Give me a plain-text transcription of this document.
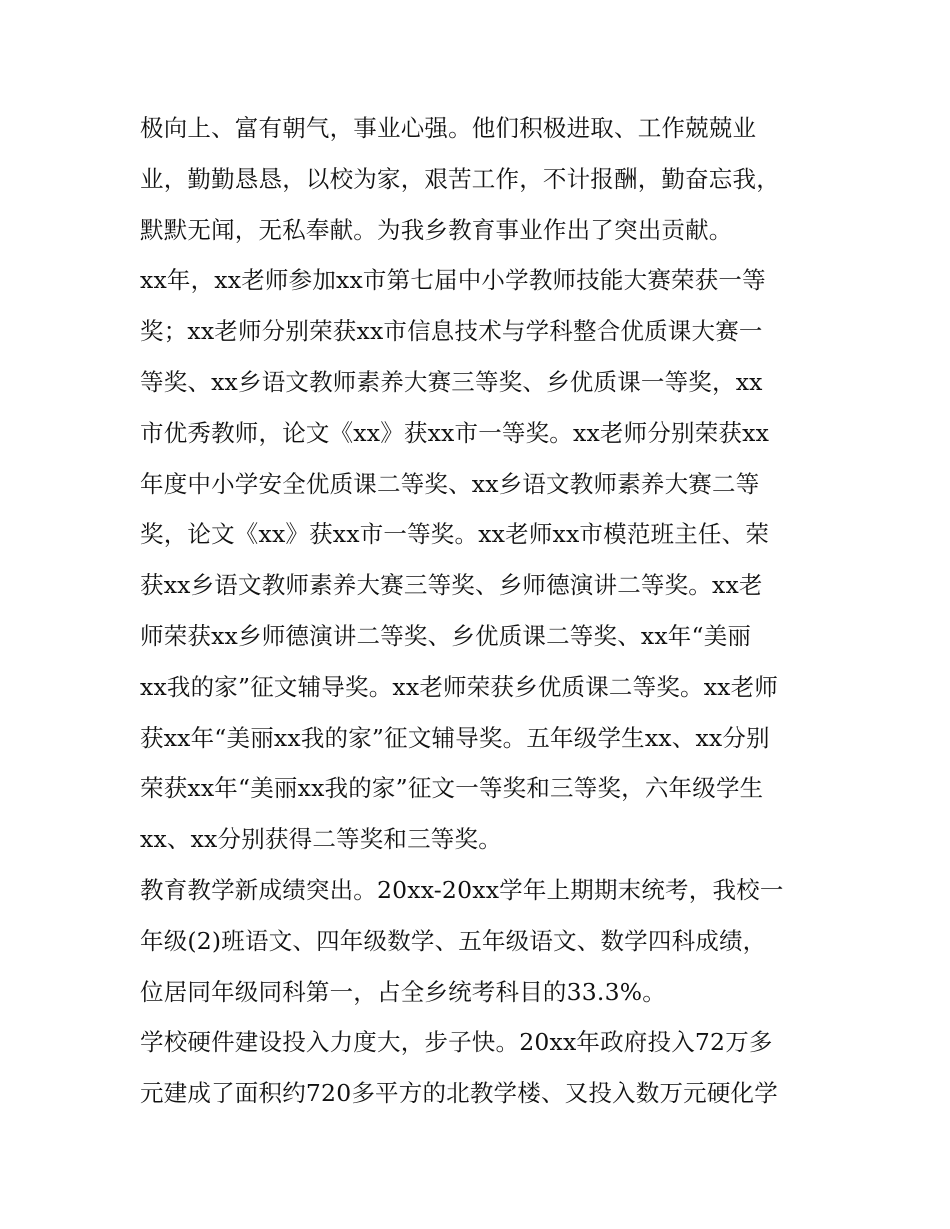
极向上、富有朝气，事业心强。他们积极进取、工作兢兢业
业，勤勤恳恳，以校为家，艰苦工作，不计报酬，勤奋忘我，
默默无闻，无私奉献。为我乡教育事业作出了突出贡献。
xx年，xx老师参加xx市第七届中小学教师技能大赛荣获一等
奖；xx老师分别荣获xx市信息技术与学科整合优质课大赛一
等奖、xx乡语文教师素养大赛三等奖、乡优质课一等奖，xx
市优秀教师，论文《xx》获xx市一等奖。xx老师分别荣获xx
年度中小学安全优质课二等奖、xx乡语文教师素养大赛二等
奖，论文《xx》获xx市一等奖。xx老师xx市模范班主任、荣
获xx乡语文教师素养大赛三等奖、乡师德演讲二等奖。xx老
师荣获xx乡师德演讲二等奖、乡优质课二等奖、xx年“美丽
xx我的家”征文辅导奖。xx老师荣获乡优质课二等奖。xx老师
获xx年“美丽xx我的家”征文辅导奖。五年级学生xx、xx分别
荣获xx年“美丽xx我的家”征文一等奖和三等奖，六年级学生
xx、xx分别获得二等奖和三等奖。
教育教学新成绩突出。20xx-20xx学年上期期末统考，我校一
年级(2)班语文、四年级数学、五年级语文、数学四科成绩，
位居同年级同科第一，占全乡统考科目的33.3%。
学校硬件建设投入力度大，步子快。20xx年政府投入72万多
元建成了面积约720多平方的北教学楼、又投入数万元硬化学
